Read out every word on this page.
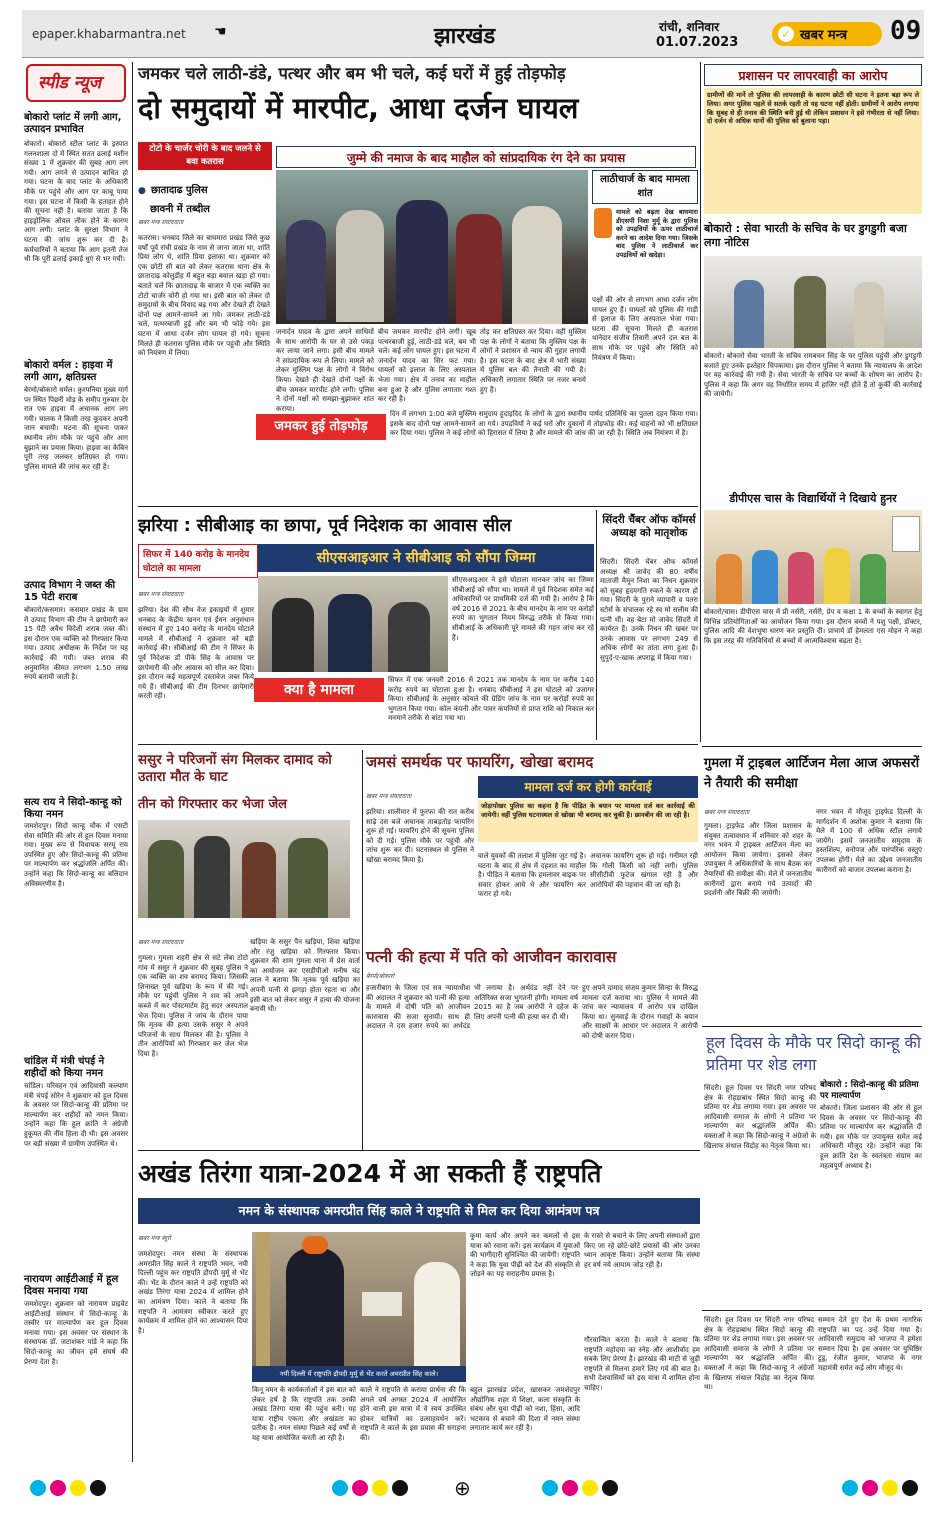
epaper.khabarmantra.net ☚	झारखंड	रांची, शनिवार
01.07.2023
✓ खबर मन्त्र 09
स्पीड न्यूज
बोकारो प्लांट में लगी आग, उत्पादन प्रभावित
बोकारो। बोकारो स्टील प्लांट के इस्पात गलनशाला दो में स्थित सतत ढलाई मशीन संख्या 1 में शुक्रवार की सुबह आग लग गयी। आग लगने से उत्पादन बाधित हो गया। घटना के बाद प्लांट के अधिकारी मौके पर पहुंचे और आग पर काबू पाया गया। इस घटना में किसी के हताहत होने की सूचना नहीं है। बताया जाता है कि हाइड्रोलिक ऑयल लीक होने के कारण आग लगी। प्लांट के सुरक्षा विभाग ने घटना की जांच शुरू कर दी है। कर्मचारियों ने बताया कि आग इतनी तेज थी कि पूरी ढलाई इकाई धुएं से भर गयी।
बोकारो वर्मल : हाइवा में लगी आग, क्षतिग्रस्त
बेरमो/बोकारो थर्मल। कुरपनिया मुख्य मार्ग पर स्थित पिछरी मोड़ के समीप गुरुवार देर रात एक हाइवा में अचानक आग लग गयी। चालक ने किसी तरह कूदकर अपनी जान बचायी। घटना की सूचना पाकर स्थानीय लोग मौके पर पहुंचे और आग बुझाने का प्रयास किया। हाइवा का केबिन पूरी तरह जलकर क्षतिग्रस्त हो गया। पुलिस मामले की जांच कर रही है।
उत्पाद विभाग ने जब्त की 15 पेटी शराब
बोकारो/कसमार। कसमार प्रखंड के ग्राम में उत्पाद विभाग की टीम ने छापेमारी कर 15 पेटी अवैध विदेशी शराब जब्त की। इस दौरान एक व्यक्ति को गिरफ्तार किया गया। उत्पाद अधीक्षक के निर्देश पर यह कार्रवाई की गयी। जब्त शराब की अनुमानित कीमत लगभग 1.50 लाख रुपये बतायी जाती है।
सत्य राय ने सिदो-कान्हू को किया नमन
जमशेदपुर। सिदो कान्हू चौक में एसटी सेवा समिति की ओर से हूल दिवस मनाया गया। मुख्य रूप से विधायक सरयू राय उपस्थित हुए और सिदो-कान्हू की प्रतिमा पर माल्यार्पण कर श्रद्धांजलि अर्पित की। उन्होंने कहा कि सिदो-कान्हू का बलिदान अविस्मरणीय है।
चांडिल में मंत्री चंपई ने शहीदों को किया नमन
चांडिल। परिवहन एवं आदिवासी कल्याण मंत्री चंपई सोरेन ने शुक्रवार को हूल दिवस के अवसर पर सिदो-कान्हू की प्रतिमा पर माल्यार्पण कर शहीदों को नमन किया। उन्होंने कहा कि हूल क्रांति ने अंग्रेजी हुकूमत की नींव हिला दी थी। इस अवसर पर बड़ी संख्या में ग्रामीण उपस्थित थे।
नारायण आईटीआई में हूल दिवस मनाया गया
जमशेदपुर। शुक्रवार को नारायण प्राइवेट आईटीआई संस्थान में सिदो-कान्हू के तस्वीर पर माल्यार्पण कर हूल दिवस मनाया गया। इस अवसर पर संस्थान के संस्थापक डॉ. जटाशंकर पांडे ने कहा कि सिदो-कान्हू का जीवन हमें संघर्ष की प्रेरणा देता है।
जमकर चले लाठी-डंडे, पत्थर और बम भी चले, कई घरों में हुई तोड़फोड़
दो समुदायों में मारपीट, आधा दर्जन घायल
टोटो के चार्जर चोरी के बाद जलने से बवा कतरास
● छातादाढ पुलिस
छावनी में तब्दील
जुम्मे की नमाज के बाद माहौल को सांप्रदायिक रंग देने का प्रयास
लाठीचार्ज के बाद मामला शांत
मामले को बढ़ता देख बाघमारा डीएसपी निशा मुर्मू के द्वारा पुलिस को उपद्रवियों के ऊपर लाठीचार्ज करने का आदेश दिया गया। जिसके बाद पुलिस ने लाठीचार्ज कर उपद्रवियों को खदेड़ा।
पक्षों की ओर से लगभग आधा दर्जन लोग घायल हुए हैं। घायलों को पुलिस की गाड़ी से इलाज के लिए अस्पताल भेजा गया। घटना की सूचना मिलते ही कतरास थानेदार संजीव तिवारी अपने दल बल के साथ मौके पर पहुंचे और स्थिति को नियंत्रण में किया।
खबर मन्त्र संवाददाता
कतरास। धनबाद जिले का बाघमारा प्रखंड जिसे कुछ वर्षों पूर्व रांची प्रखंड के नाम से जाना जाता था, शांति प्रिया लोग थे, शांति प्रिया इलाका था। शुक्रवार को एक छोटी सी बात को लेकर कतरास थाना क्षेत्र के छातादाढ़ कोलुडीह में बहुत बड़ा बवाल खड़ा हो गया। बताते चलें कि छातादाढ़ के बाजार में एक व्यक्ति का टोटो चार्जर चोरी हो गया था। इसी बात को लेकर दो समुदायों के बीच विवाद बढ़ गया और देखते ही देखते दोनों पक्ष आमने-सामने आ गये। जमकर लाठी-डंडे चले, पत्थरबाजी हुई और बम भी फोड़े गये। इस घटना में आधा दर्जन लोग घायल हो गये। सूचना मिलते ही कतरास पुलिस मौके पर पहुंची और स्थिति को नियंत्रण में लिया।
जनार्दन यादव के द्वारा अपने साथियों के साथ आरोपी के घर से उसे पकड़ कर लाया जाने लगा। इसी बीच मामले ने सांप्रदायिक रूप ले लिया। मामले को लेकर मुस्लिम पक्ष के लोगों ने विरोध किया। देखते ही देखते दोनों पक्षों के बीच जमकर मारपीट होने लगी। पुलिस ने दोनों पक्षों को समझा-बुझाकर शांत कराया।
बीच जमकर मारपीट होने लगी। खूब पत्थरबाजी हुई, लाठी-डंडे चले, बम भी चले। कई लोग घायल हुए। इस घटना में जनार्दन यादव का सिर फट गया। घायलों को इलाज के लिए अस्पताल भेजा गया। क्षेत्र में तनाव का माहौल बना हुआ है और पुलिस लगातार गश्त कर रही है।
तोड़ कर क्षतिग्रस्त कर दिया। वहीं मुस्लिम पक्ष के लोगों ने बताया कि मुस्लिम पक्ष के लोगों ने प्रशासन से न्याय की गुहार लगायी है। इस घटना के बाद क्षेत्र में भारी संख्या में पुलिस बल की तैनाती की गयी है। अधिकारी लगातार स्थिति पर नजर बनाये हुए हैं।
जमकर हुई तोड़फोड़
दिन में लगभग 1:00 बजे मुस्लिम समुदाय हुदाइदिद के लोगों के द्वारा स्थानीय पार्षद प्रतिनिधि का पुतला दहन किया गया। इसके बाद दोनों पक्ष आमने-सामने आ गये। उपद्रवियों ने कई घरों और दुकानों में तोड़फोड़ की। कई वाहनों को भी क्षतिग्रस्त कर दिया गया। पुलिस ने कई लोगों को हिरासत में लिया है और मामले की जांच की जा रही है। स्थिति अब नियंत्रण में है।
झरिया : सीबीआइ का छापा, पूर्व निदेशक का आवास सील
सिफर में 140 करोड़ के मानदेय घोटाले का मामला
सीएसआइआर ने सीबीआइ को सौंपा जिम्मा
खबर मन्त्र संवाददाता
झरिया। देश की सौथ वेज इकाइयों में शुमार धनबाद के केंद्रीय खनन एवं ईंधन अनुसंधान संस्थान में हुए 140 करोड़ के मानदेय घोटाले मामले में सीबीआई ने शुक्रवार को बड़ी कार्रवाई की। सीबीआई की टीम ने सिंफर के पूर्व निदेशक डॉ पीके सिंह के आवास पर छापेमारी की और आवास को सील कर दिया। इस दौरान कई महत्वपूर्ण दस्तावेज जब्त किये गये हैं। सीबीआई की टीम दिनभर छापेमारी करती रही।
सीएसआइआर ने इसे घोटाला मानकर जांच का जिम्मा सीबीआई को सौंपा था। मामले में पूर्व निदेशक समेत कई अधिकारियों पर प्राथमिकी दर्ज की गयी है। आरोप है कि वर्ष 2016 से 2021 के बीच मानदेय के नाम पर करोड़ों रुपये का भुगतान नियम विरुद्ध तरीके से किया गया। सीबीआई के अधिकारी पूरे मामले की गहन जांच कर रहे हैं।
क्या है मामला
सिफर में एक जनवरी 2016 से 2021 तक मानदेय के नाम पर करीब 140 करोड़ रुपये का घोटाला हुआ है। धनबाद सीबीआई ने इस घोटाले को उजागर किया। सीबीआई के अनुसार कोयले की ग्रेडिंग जांच के नाम पर करोड़ों रुपये का भुगतान किया गया। कोल कंपनी और पावर कंपनियों से प्राप्त राशि को निकाल कर मनमाने तरीके से बांटा गया था।
सिंदरी चैंबर ऑफ कॉमर्स अध्यक्ष को मातृशोक
सिंदरी। सिंदरी चेंबर ऑफ कॉमर्स अध्यक्ष श्री जावेद की 80 वर्षीय माताजी मैमून निशा का निधन शुक्रवार को सुबह हृदयगति रुकने के कारण हो गया। सिंदरी के पुराने व्यापारी व पतरा स्टोर्स के संचालक रहे स्व मो सलीम की पत्नी थीं। वह बेटा मो जावेद सिंदरी में कार्यरत हैं। उनके निधन की खबर पर उनके आवास पर लगभग 249 से अधिक लोगों का तांता लगा हुआ है। सुपुर्द-ए-खाक अपराह्न में किया गया।
ससुर ने परिजनों संग मिलकर दामाद को उतारा मौत के घाट
तीन को गिरफ्तार कर भेजा जेल
खबर मन्त्र संवाददाता
गुमला। गुमला शहरी क्षेत्र से सटे लेंबा टोटो गांव में ससुर ने शुक्रवार की सुबह पुलिस ने एक व्यक्ति का शव बरामद किया। जिसकी शिनाख्त पूर्व खड़िया के रूप में की गई। मौके पर पहुंची पुलिस ने शव को अपने कब्जे में कर पोस्टमार्टम हेतु सदर अस्पताल भेज दिया। पुलिस ने जांच के दौरान पाया कि मृतक की हत्या उसके ससुर ने अपने परिजनों के साथ मिलकर की है। पुलिस ने तीन आरोपियों को गिरफ्तार कर जेल भेज दिया है।
खड़िया के ससुर पैन खड़िया, शिवा खड़िया और रंजु खड़िया को गिरफ्तार किया। शुक्रवार की शाम गुमला थाना में प्रेस वार्ता का आयोजन कर एसडीपीओ मनीष चंद्र लाल ने बताया कि मृतक पूर्व खड़िया का अपनी पत्नी से झगड़ा होता रहता था और इसी बात को लेकर ससुर ने हत्या की योजना बनायी थी।
जमसं समर्थक पर फायरिंग, खोखा बरामद
मामला दर्ज कर होगी कार्रवाई
खबर मन्त्र संवाददाता
झरिया। शालीमार में फुरफा की रात करीब साढ़े दस बजे अचानक ताबड़तोड़ फायरिंग शुरू हो गई। फायरिंग होने की सूचना पुलिस को दी गई। पुलिस मौके पर पहुंची और जांच शुरू कर दी। घटनास्थल से पुलिस ने खोखा बरामद किया है।
जोड़ापोखर पुलिस का कहना है कि पीड़ित के बयान पर मामला दर्ज कर कार्रवाई की जायेगी। वहीं पुलिस घटनास्थल से खोखा भी बरामद कर चुकी है। छानबीन की जा रही है।
वाले युवकों की तलाश में पुलिस जुट गई है। घटना के बाद से क्षेत्र में दहशत का माहौल है। पीड़ित ने बताया कि हमलावर बाइक पर सवार होकर आये थे और फायरिंग कर फरार हो गये।
अचानक फायरिंग शुरू हो गई। गनीमत रही कि गोली किसी को नहीं लगी। पुलिस सीसीटीवी फुटेज खंगाल रही है और आरोपियों की पहचान की जा रही है।
पत्नी की हत्या में पति को आजीवन कारावास
बेरमो/बोकारो
हजारीबाग के जिला एवं सत्र न्यायाधीश की अदालत ने शुक्रवार को पत्नी की हत्या के मामले में दोषी पति को आजीवन कारावास की सजा सुनायी। साथ ही अदालत ने दस हजार रुपये का अर्थदंड भी लगाया है। अर्थदंड नहीं देने पर अतिरिक्त सजा भुगतनी होगी। मामला वर्ष 2015 का है जब आरोपी ने दहेज के लिए अपनी पत्नी की हत्या कर दी थी।
हुए अपने दामाद संजय कुमार सिन्हा के विरुद्ध मामला दर्ज कराया था। पुलिस ने मामले की जांच कर न्यायालय में आरोप पत्र दाखिल किया था। सुनवाई के दौरान गवाहों के बयान और साक्ष्यों के आधार पर अदालत ने आरोपी को दोषी करार दिया।
प्रशासन पर लापरवाही का आरोप
ग्रामीणों की मानें तो पुलिस की लापरवाही के कारण छोटी सी घटना ने इतना बड़ा रूप ले लिया। अगर पुलिस पहले से सतर्क रहती तो यह घटना नहीं होती। ग्रामीणों ने आरोप लगाया कि सुबह से ही तनाव की स्थिति बनी हुई थी लेकिन प्रशासन ने इसे गंभीरता से नहीं लिया। दो दर्जन से अधिक थानों की पुलिस को बुलाना पड़ा।
बोकारो : सेवा भारती के सचिव के घर डुगडुगी बजा लगा नोटिस
बोकारो। बोकारो सेवा भारती के सचिव रामबचन सिंह के घर पुलिस पहुंची और डुगडुगी बजाते हुए उनके इश्तेहार चिपकाया। इस दौरान पुलिस ने बताया कि न्यायालय के आदेश पर यह कार्रवाई की गयी है। सेवा भारती के सचिव पर बच्चों के शोषण का आरोप है। पुलिस ने कहा कि अगर वह निर्धारित समय में हाजिर नहीं होते हैं तो कुर्की की कार्रवाई की जायेगी।
डीपीएस चास के विद्यार्थियों ने दिखाये हुनर
बोकारो/चास। डीपीएस चास में प्री नर्सरी, नर्सरी, प्रेप व कक्षा 1 के बच्चों के स्वागत हेतु विभिन्न प्रतियोगिताओं का आयोजन किया गया। इस दौरान बच्चों ने पशु पक्षी, डॉक्टर, पुलिस आदि की वेशभूषा धारण कर प्रस्तुति दी। प्राचार्य डॉ हेमलता एस मोहन ने कहा कि इस तरह की गतिविधियों से बच्चों में आत्मविश्वास बढ़ता है।
गुमला में ट्राइबल आर्टिजन मेला आज अफसरों ने तैयारी की समीक्षा
खबर मन्त्र संवाददाता
गुमला। ट्राइफेड और जिला प्रशासन के संयुक्त तत्वावधान में शनिवार को शहर के नगर भवन में ट्राइबल आर्टिजन मेला का आयोजन किया जायेगा। इसको लेकर उपायुक्त ने अधिकारियों के साथ बैठक कर तैयारियों की समीक्षा की। मेले में जनजातीय कारीगरों द्वारा बनाये गये उत्पादों की प्रदर्शनी और बिक्री की जायेगी।
नगर भवन में मौजूद ट्राइफेड दिल्ली के मार्गदर्शन में अशोक कुमार ने बताया कि मेले में 100 से अधिक स्टॉल लगाये जायेंगे। इसमें जनजातीय समुदाय के हस्तशिल्प, वनोपज और पारंपरिक वस्तुएं उपलब्ध होंगी। मेले का उद्देश्य जनजातीय कारीगरों को बाजार उपलब्ध कराना है।
हूल दिवस के मौके पर सिदो कान्हू की प्रतिमा पर शेड लगा
सिंदरी। हूल दिवस पर सिंदरी नगर परिषद क्षेत्र के रोहड़ाबांध स्थित सिदो कान्हू की प्रतिमा पर शेड लगाया गया। इस अवसर पर आदिवासी समाज के लोगों ने प्रतिमा पर माल्यार्पण कर श्रद्धांजलि अर्पित की। वक्ताओं ने कहा कि सिदो-कान्हू ने अंग्रेजों के खिलाफ संथाल विद्रोह का नेतृत्व किया था।
बोकारो : सिदो-कान्हू की प्रतिमा पर माल्यार्पण
बोकारो। जिला प्रशासन की ओर से हूल दिवस के अवसर पर सिदो-कान्हू की प्रतिमा पर माल्यार्पण कर श्रद्धांजलि दी गयी। इस मौके पर उपायुक्त समेत कई अधिकारी मौजूद रहे। उन्होंने कहा कि हूल क्रांति देश के स्वतंत्रता संग्राम का महत्वपूर्ण अध्याय है।
अखंड तिरंगा यात्रा-2024 में आ सकती हैं राष्ट्रपति
नमन के संस्थापक अमरप्रीत सिंह काले ने राष्ट्रपति से मिल कर दिया आमंत्रण पत्र
खबर मन्त्र ब्यूरो
जमशेदपुर। नमन संस्था के संस्थापक अमरप्रीत सिंह काले ने राष्ट्रपति भवन, नयी दिल्ली पहुंच कर राष्ट्रपति द्रौपदी मुर्मू से भेंट की। भेंट के दौरान काले ने उन्हें राष्ट्रपति को अखंड तिरंगा यात्रा 2024 में शामिल होने का आमंत्रण दिया। काले ने बताया कि राष्ट्रपति ने आमंत्रण स्वीकार करते हुए कार्यक्रम में शामिल होने का आश्वासन दिया है।
नयी दिल्ली में राष्ट्रपति द्रौपदी मुर्मू से भेंट करते अमरप्रीत सिंह काले।
किनू नमन के कार्यकर्ताओं ने इस बात को लेकर हर्ष है कि राष्ट्रपति तक उनकी अखंड तिरंगा यात्रा की पहुंच बनी। यह यात्रा राष्ट्रीय एकता और अखंडता का प्रतीक है। नमन संस्था पिछले कई वर्षों से यह यात्रा आयोजित करती आ रही है।
काले ने राष्ट्रपति से कराया प्रार्थना की कि अगले वर्ष अगस्त 2024 में आयोजित होने वाली इस यात्रा में वे स्वयं उपस्थित होकर यात्रियों का उत्साहवर्धन करें। राष्ट्रपति ने काले के इस प्रयास की सराहना की।
कुमा कार्य और अपने कर कमलों से इस यात्रा को रवाना करें। इस कार्यक्रम में युवाओं की भागीदारी सुनिश्चित की जायेगी। राष्ट्रपति ने कहा कि युवा पीढ़ी को देश की संस्कृति से जोड़ने का यह सराहनीय प्रयास है।
बहुल झारखंड प्रदेश, खासकर जमशेदपुर औद्योगिक शहर में शिक्षा, कला संस्कृति के संबंध और युवा पीढ़ी को नशा, हिंसा, आदि भटकाव से बचाने की दिशा में नमन संस्था लगातार कार्य कर रही है।
के रास्ते से बचाने के लिए अपनी संस्थाओं द्वारा किए जा रहे छोटे-छोटे प्रयासों की ओर उनका ध्यान आकृष्ट किया। उन्होंने बताया कि संस्था हर वर्ष नये आयाम जोड़ रही है।
गौरवान्वित करता है। काले ने बताया कि राष्ट्रपति महोदया का स्नेह और आशीर्वाद हम सबके लिए प्रेरणा है। झारखंड की माटी से जुड़ी राष्ट्रपति से मिलना हमारे लिए गर्व की बात है। सभी देशवासियों को इस यात्रा में शामिल होना चाहिए।
सम्मान देते हुए देश के प्रथम नागरिक राष्ट्रपति का पद उन्हें दिया गया है। आदिवासी समुदाय को भाजपा ने हमेशा सम्मान दिया है। इस अवसर पर युधिष्ठिर टुडू, रंजीत कुमार, भाजपा के नगर महामंत्री समेत कई लोग मौजूद थे।
सिंदरी। हूल दिवस पर सिंदरी नगर परिषद क्षेत्र के रोहड़ाबांध स्थित सिदो कान्हू की प्रतिमा पर शेड लगाया गया। इस अवसर पर आदिवासी समाज के लोगों ने प्रतिमा पर माल्यार्पण कर श्रद्धांजलि अर्पित की। वक्ताओं ने कहा कि सिदो-कान्हू ने अंग्रेजों के खिलाफ संथाल विद्रोह का नेतृत्व किया था।
⊕
